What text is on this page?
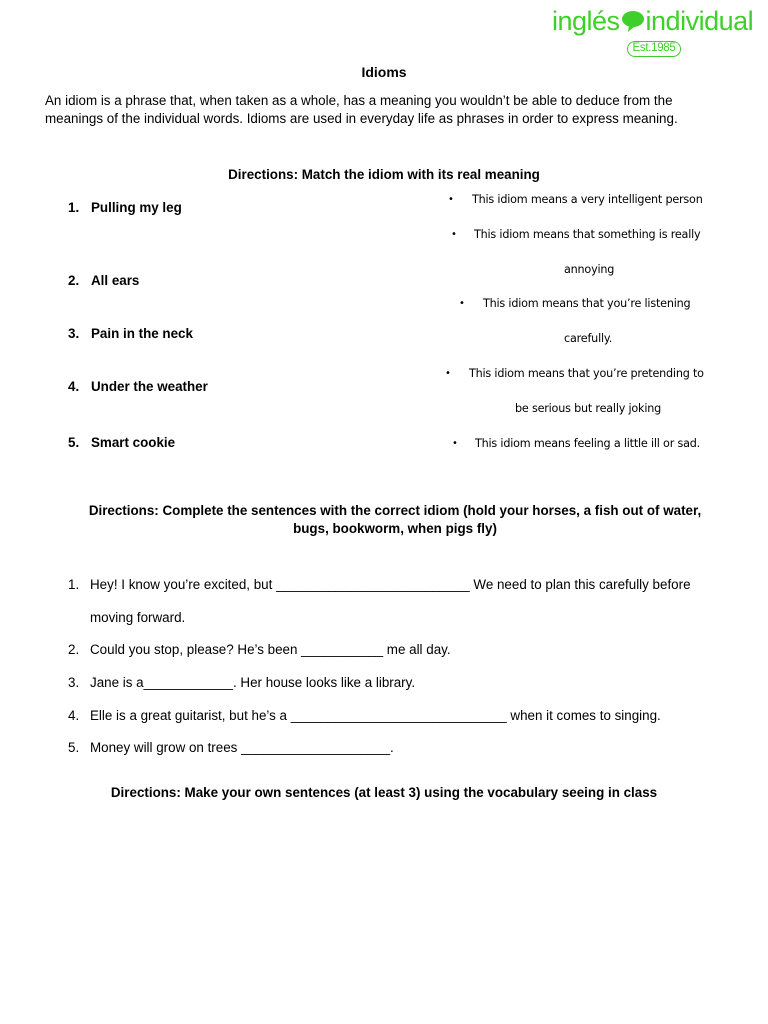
inglés individual
Est.1985
Idioms
An idiom is a phrase that, when taken as a whole, has a meaning you wouldn’t be able to deduce from the meanings of the individual words. Idioms are used in everyday life as phrases in order to express meaning.
Directions: Match the idiom with its real meaning
1. Pulling my leg
2. All ears
3. Pain in the neck
4. Under the weather
5. Smart cookie
• This idiom means a very intelligent person
• This idiom means that something is really
annoying
• This idiom means that you’re listening
carefully.
• This idiom means that you’re pretending to
be serious but really joking
• This idiom means feeling a little ill or sad.
Directions: Complete the sentences with the correct idiom (hold your horses, a fish out of water, bugs, bookworm, when pigs fly)
1. Hey! I know you’re excited, but __________________________ We need to plan this carefully before
moving forward.
2. Could you stop, please? He’s been ___________ me all day.
3. Jane is a____________. Her house looks like a library.
4. Elle is a great guitarist, but he’s a _____________________________ when it comes to singing.
5. Money will grow on trees ____________________.
Directions: Make your own sentences (at least 3) using the vocabulary seeing in class
